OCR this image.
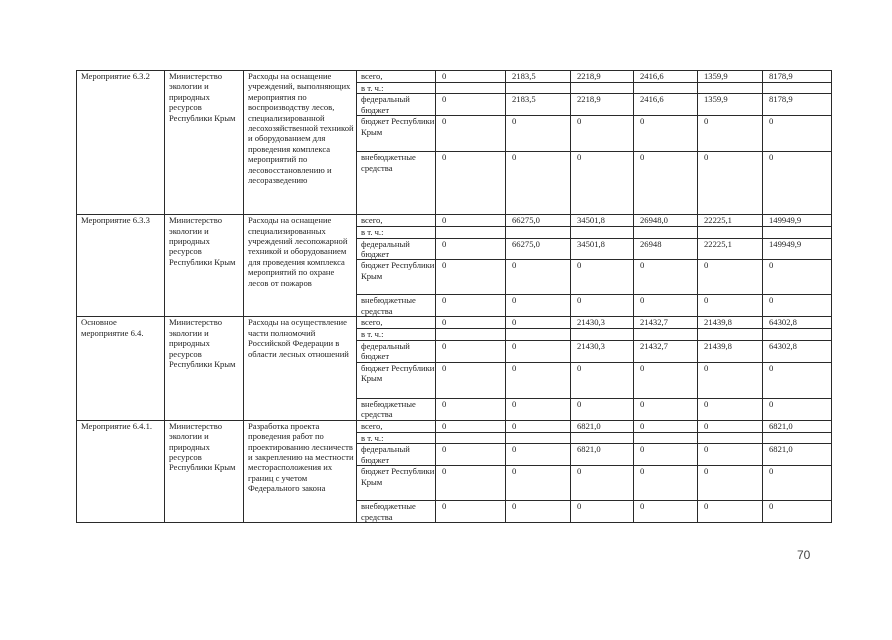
Мероприятие 6.3.2	Министерство экологии и природных ресурсов Республики Крым	Расходы на оснащение учреждений, выполняющих мероприятия по воспроизводству лесов, специализированной лесохозяйственной техникой и оборудованием для проведения комплекса мероприятий по лесовосстановлению и лесоразведению	всего,	0	2183,5	2218,9	2416,6	1359,9	8178,9
			в т. ч.:						
			федеральный бюджет	0	2183,5	2218,9	2416,6	1359,9	8178,9
			бюджет Республики Крым	0	0	0	0	0	0
			внебюджетные средства	0	0	0	0	0	0
Мероприятие 6.3.3	Министерство экологии и природных ресурсов Республики Крым	Расходы на оснащение специализированных учреждений лесопожарной техникой и оборудованием для проведения комплекса мероприятий по охране лесов от пожаров	всего,	0	66275,0	34501,8	26948,0	22225,1	149949,9
			в т. ч.:						
			федеральный бюджет	0	66275,0	34501,8	26948	22225,1	149949,9
			бюджет Республики Крым	0	0	0	0	0	0
			внебюджетные средства	0	0	0	0	0	0
Основное мероприятие 6.4.	Министерство экологии и природных ресурсов Республики Крым	Расходы на осуществление части полномочий Российской Федерации в области лесных отношений	всего,	0	0	21430,3	21432,7	21439,8	64302,8
			в т. ч.:						
			федеральный бюджет	0	0	21430,3	21432,7	21439,8	64302,8
			бюджет Республики Крым	0	0	0	0	0	0
			внебюджетные средства	0	0	0	0	0	0
Мероприятие 6.4.1.	Министерство экологии и природных ресурсов Республики Крым	Разработка проекта проведения работ по проектированию лесничеств и закреплению на местности месторасположения их границ с учетом Федерального закона	всего,	0	0	6821,0	0	0	6821,0
			в т. ч.:						
			федеральный бюджет	0	0	6821,0	0	0	6821,0
			бюджет Республики Крым	0	0	0	0	0	0
			внебюджетные средства	0	0	0	0	0	0
70
